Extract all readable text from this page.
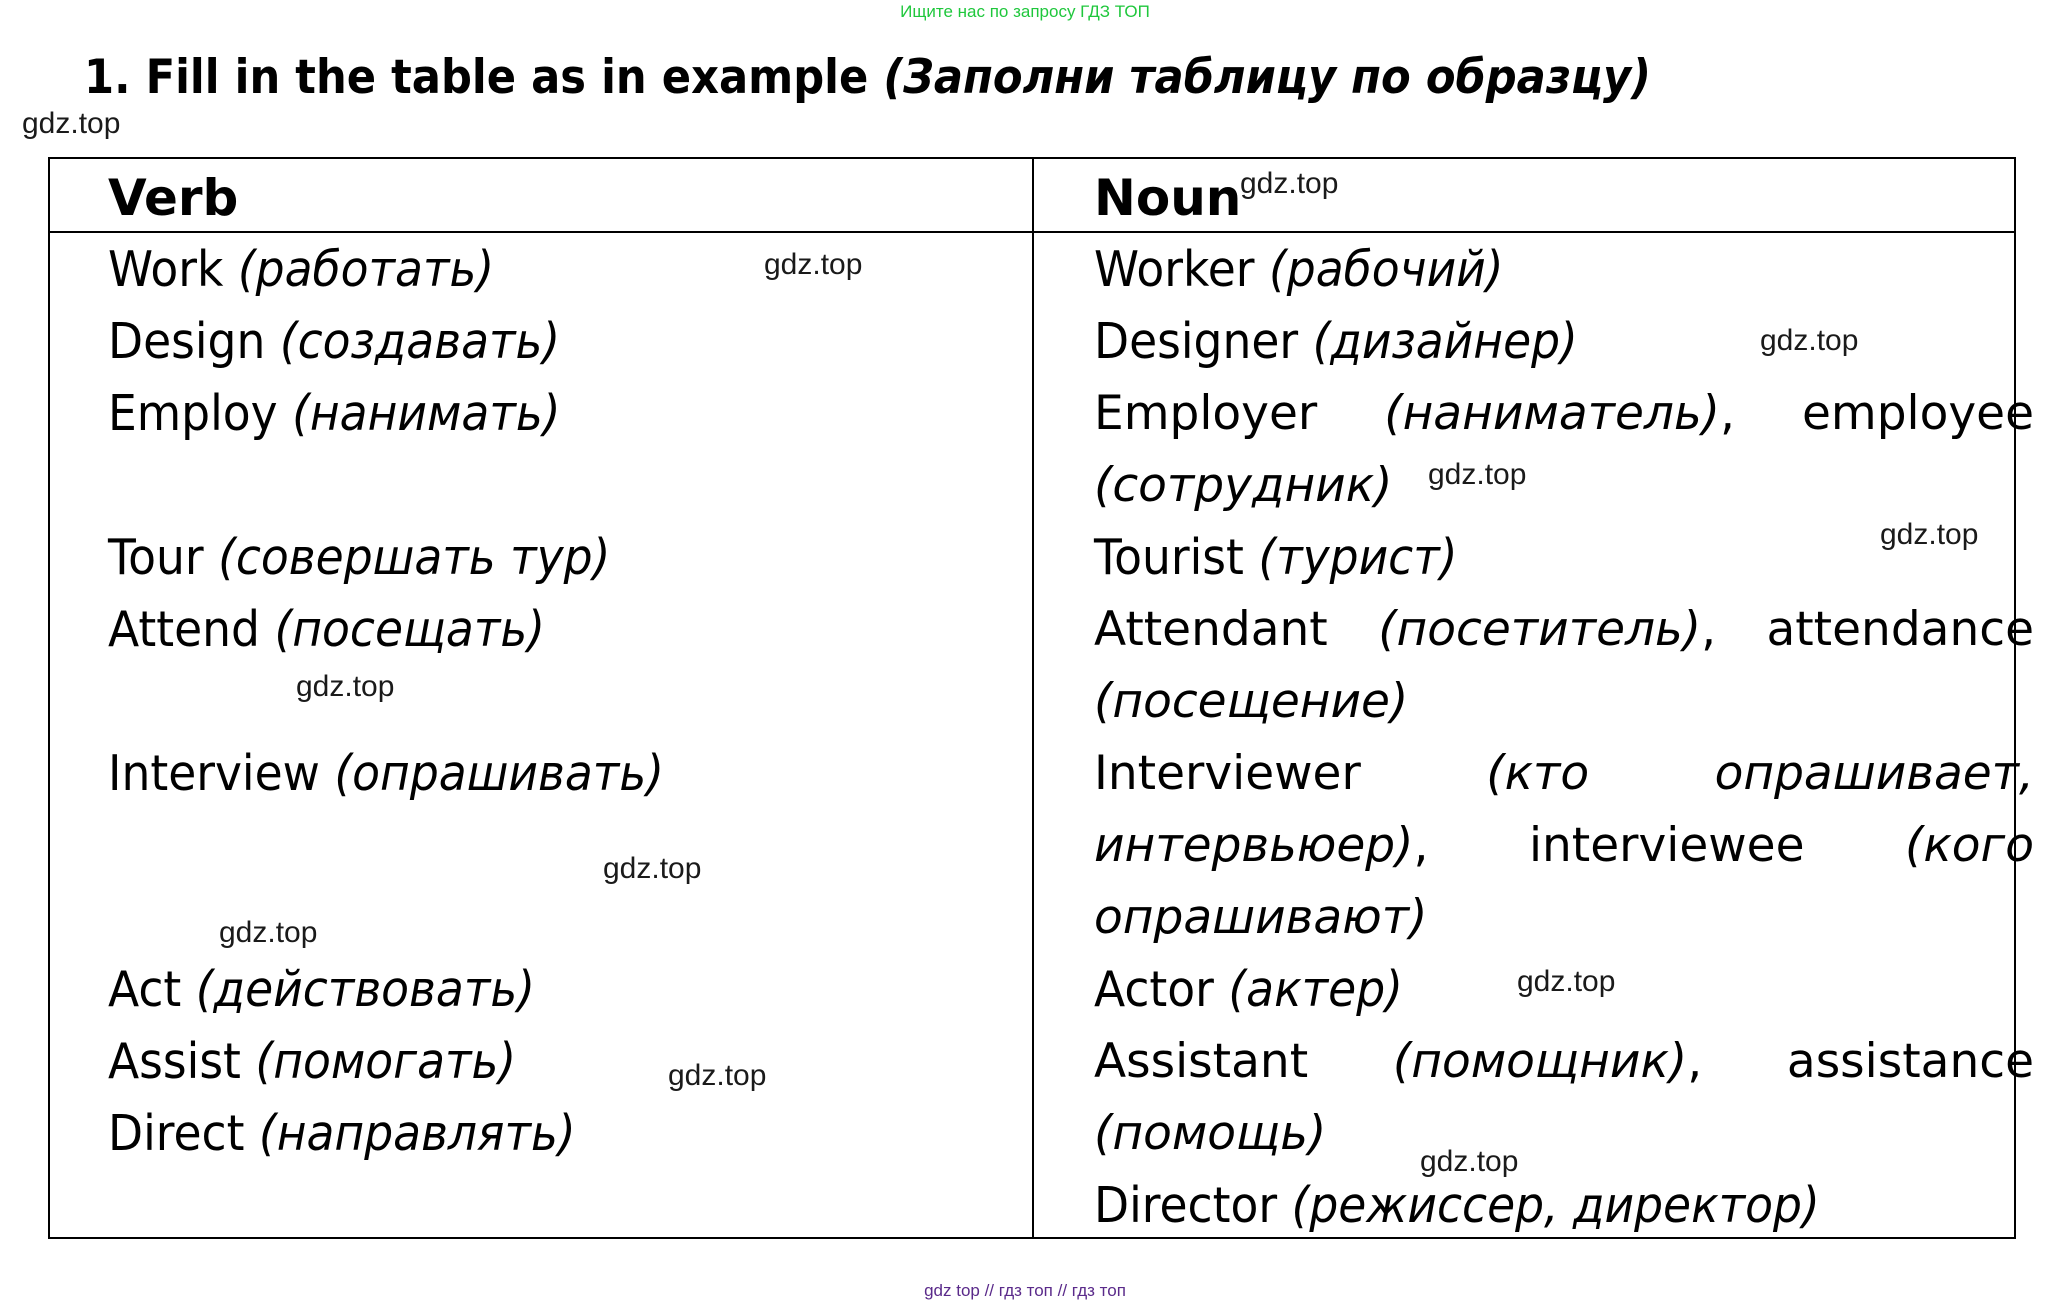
Ищите нас по запросу ГДЗ ТОП
1. Fill in the table as in example (Заполни таблицу по образцу)
gdz.top
Verb	Noun
Work (работать)
Design (создавать)
Employ (нанимать)
Tour (совершать тур)
Attend (посещать)
Interview (опрашивать)
Act (действовать)
Assist (помогать)
Direct (направлять)
Worker (рабочий)
Designer (дизайнер)
Employer (наниматель), employee (сотрудник)
Tourist (турист)
Attendant (посетитель), attendance (посещение)
Interviewer	(кто опрашивает, интервьюер), interviewee (кого опрашивают)
Actor (актер)
Assistant (помощник), assistance (помощь)
Director (режиссер, директор)
gdz.top
gdz.top
gdz.top
gdz.top
gdz.top
gdz.top
gdz.top
gdz.top
gdz.top
gdz.top
gdz.top
gdz top // гдз топ // гдз топ
